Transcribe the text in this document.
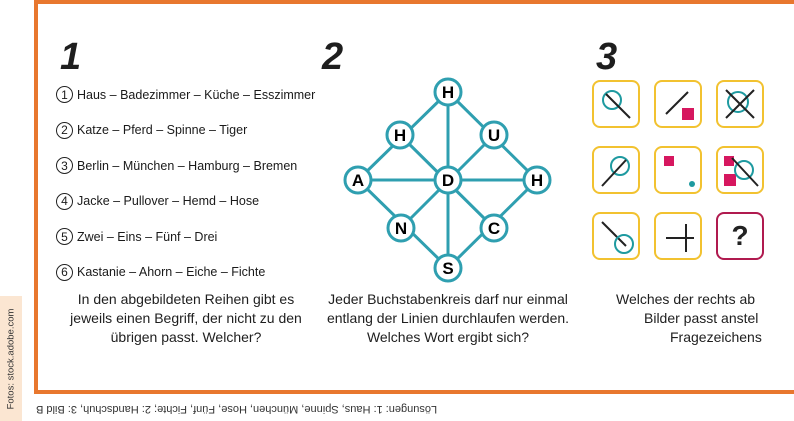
1
1 Haus – Badezimmer – Küche – Esszimmer
2 Katze – Pferd – Spinne – Tiger
3 Berlin – München – Hamburg – Bremen
4 Jacke – Pullover – Hemd – Hose
5 Zwei – Eins – Fünf – Drei
6 Kastanie – Ahorn – Eiche – Fichte
In den abgebildeten Reihen gibt es
jeweils einen Begriff, der nicht zu den
übrigen passt. Welcher?
2
H
H	U
A	D	H
N	C
S
Jeder Buchstabenkreis darf nur einmal
entlang der Linien durchlaufen werden.
Welches Wort ergibt sich?
3
?
Welches der rechts ab
Bilder passt anstel
Fragezeichens
Fotos: stock.adobe.com
Lösungen: 1: Haus, Spinne, München, Hose, Fünf, Fichte; 2: Handschuh, 3: Bild B
